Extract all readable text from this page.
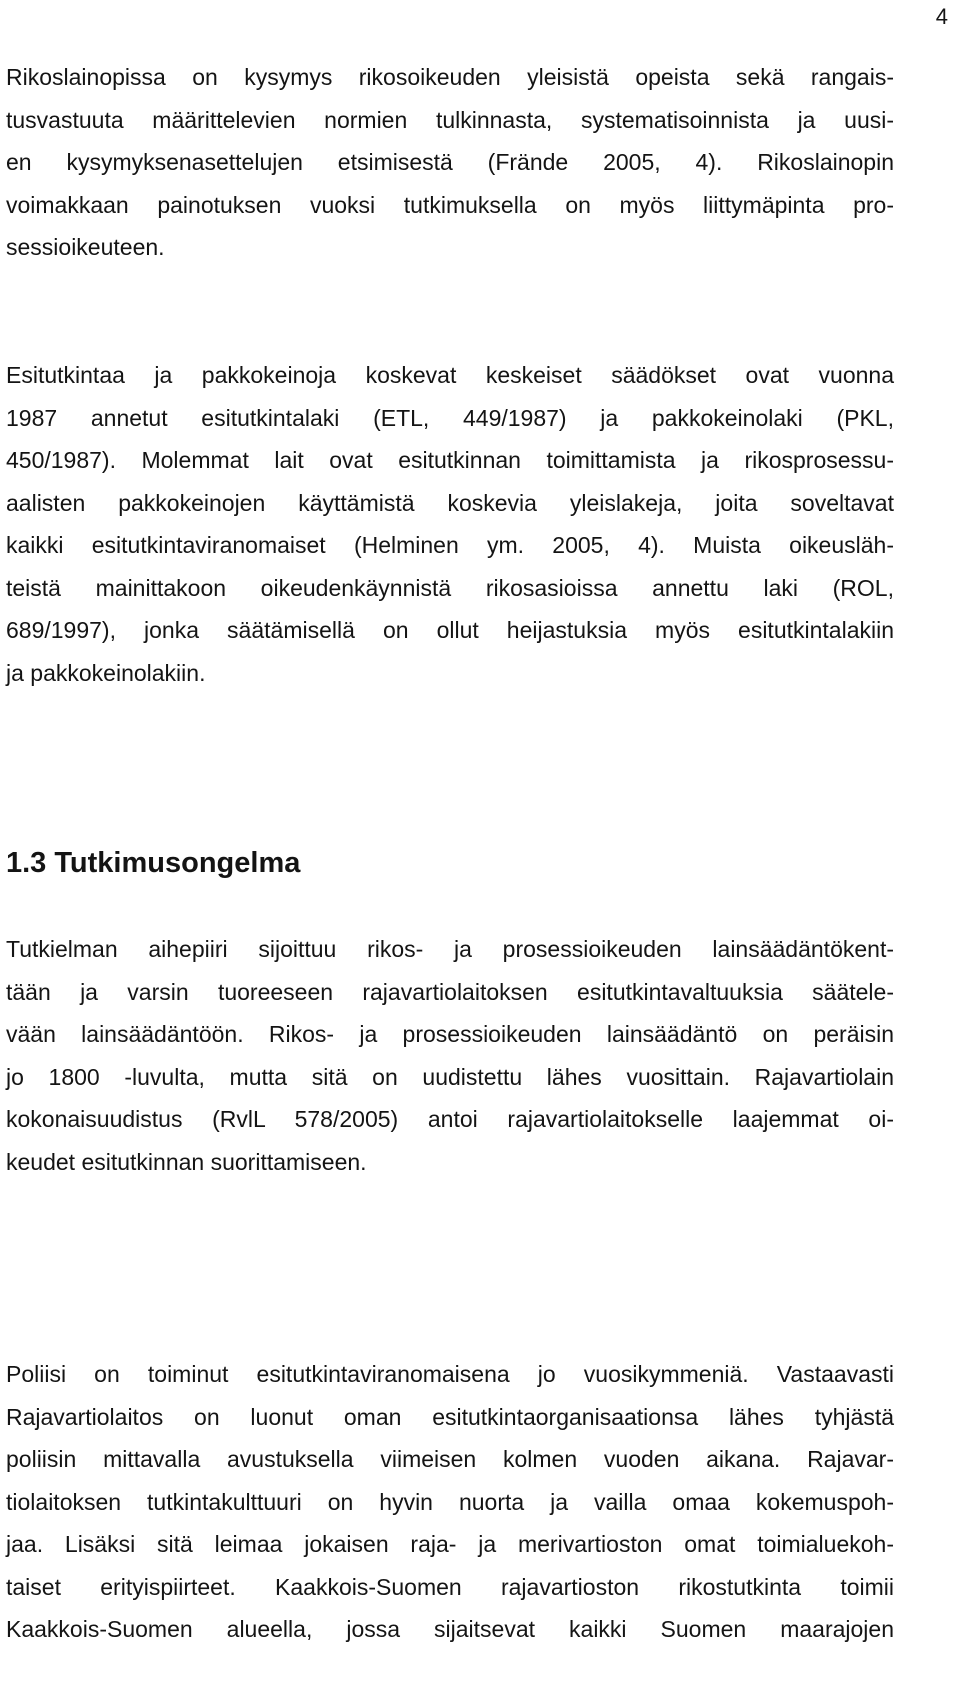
4

Rikoslainopissa on kysymys rikosoikeuden yleisistä opeista sekä rangais-
tusvastuuta määrittelevien normien tulkinnasta, systematisoinnista ja uusi-
en kysymyksenasettelujen etsimisestä (Frände 2005, 4). Rikoslainopin
voimakkaan painotuksen vuoksi tutkimuksella on myös liittymäpinta pro-
sessioikeuteen.

Esitutkintaa ja pakkokeinoja koskevat keskeiset säädökset ovat vuonna
1987 annetut esitutkintalaki (ETL, 449/1987) ja pakkokeinolaki (PKL,
450/1987). Molemmat lait ovat esitutkinnan toimittamista ja rikosprosessu-
aalisten pakkokeinojen käyttämistä koskevia yleislakeja, joita soveltavat
kaikki esitutkintaviranomaiset (Helminen ym. 2005, 4). Muista oikeusläh-
teistä mainittakoon oikeudenkäynnistä rikosasioissa annettu laki (ROL,
689/1997), jonka säätämisellä on ollut heijastuksia myös esitutkintalakiin
ja pakkokeinolakiin.

1.3 Tutkimusongelma

Tutkielman aihepiiri sijoittuu rikos- ja prosessioikeuden lainsäädäntökent-
tään ja varsin tuoreeseen rajavartiolaitoksen esitutkintavaltuuksia säätele-
vään lainsäädäntöön. Rikos- ja prosessioikeuden lainsäädäntö on peräisin
jo 1800 -luvulta, mutta sitä on uudistettu lähes vuosittain. Rajavartiolain
kokonaisuudistus (RvlL 578/2005) antoi rajavartiolaitokselle laajemmat oi-
keudet esitutkinnan suorittamiseen.

Poliisi on toiminut esitutkintaviranomaisena jo vuosikymmeniä. Vastaavasti
Rajavartiolaitos on luonut oman esitutkintaorganisaationsa lähes tyhjästä
poliisin mittavalla avustuksella viimeisen kolmen vuoden aikana. Rajavar-
tiolaitoksen tutkintakulttuuri on hyvin nuorta ja vailla omaa kokemuspoh-
jaa. Lisäksi sitä leimaa jokaisen raja- ja merivartioston omat toimialuekoh-
taiset erityispiirteet. Kaakkois-Suomen rajavartioston rikostutkinta toimii
Kaakkois-Suomen alueella, jossa sijaitsevat kaikki Suomen maarajojen
